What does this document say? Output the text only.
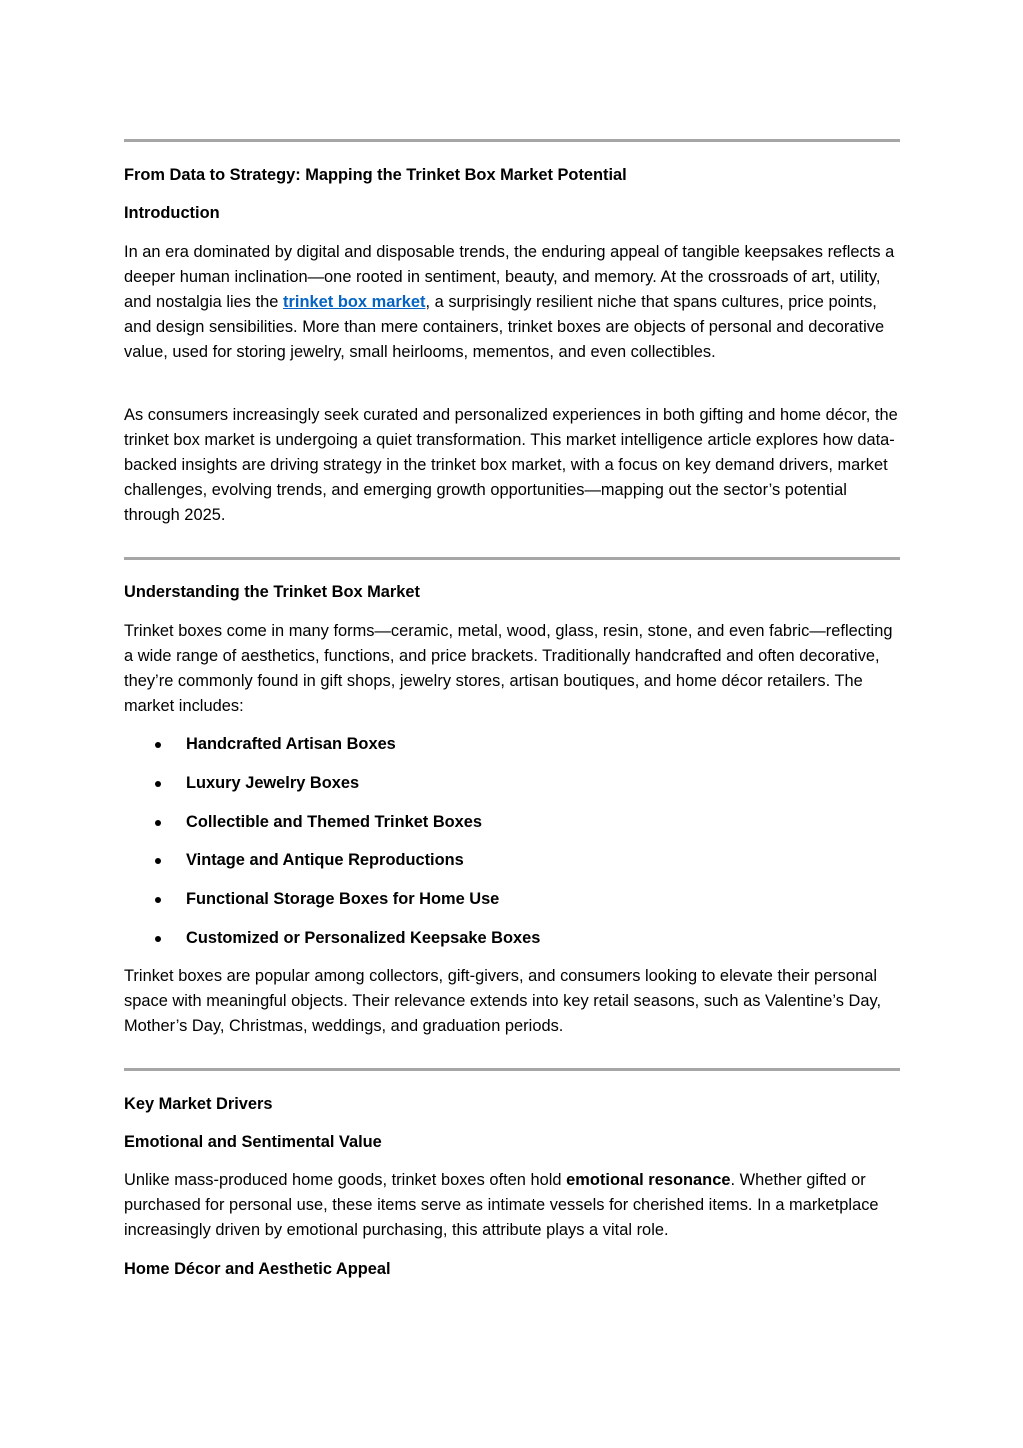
From Data to Strategy: Mapping the Trinket Box Market Potential

Introduction

In an era dominated by digital and disposable trends, the enduring appeal of tangible keepsakes reflects a deeper human inclination—one rooted in sentiment, beauty, and memory. At the crossroads of art, utility, and nostalgia lies the trinket box market, a surprisingly resilient niche that spans cultures, price points, and design sensibilities. More than mere containers, trinket boxes are objects of personal and decorative value, used for storing jewelry, small heirlooms, mementos, and even collectibles.

As consumers increasingly seek curated and personalized experiences in both gifting and home décor, the trinket box market is undergoing a quiet transformation. This market intelligence article explores how data-backed insights are driving strategy in the trinket box market, with a focus on key demand drivers, market challenges, evolving trends, and emerging growth opportunities—mapping out the sector’s potential through 2025.

Understanding the Trinket Box Market

Trinket boxes come in many forms—ceramic, metal, wood, glass, resin, stone, and even fabric—reflecting a wide range of aesthetics, functions, and price brackets. Traditionally handcrafted and often decorative, they’re commonly found in gift shops, jewelry stores, artisan boutiques, and home décor retailers. The market includes:

Handcrafted Artisan Boxes
Luxury Jewelry Boxes
Collectible and Themed Trinket Boxes
Vintage and Antique Reproductions
Functional Storage Boxes for Home Use
Customized or Personalized Keepsake Boxes

Trinket boxes are popular among collectors, gift-givers, and consumers looking to elevate their personal space with meaningful objects. Their relevance extends into key retail seasons, such as Valentine’s Day, Mother’s Day, Christmas, weddings, and graduation periods.

Key Market Drivers

Emotional and Sentimental Value

Unlike mass-produced home goods, trinket boxes often hold emotional resonance. Whether gifted or purchased for personal use, these items serve as intimate vessels for cherished items. In a marketplace increasingly driven by emotional purchasing, this attribute plays a vital role.

Home Décor and Aesthetic Appeal
